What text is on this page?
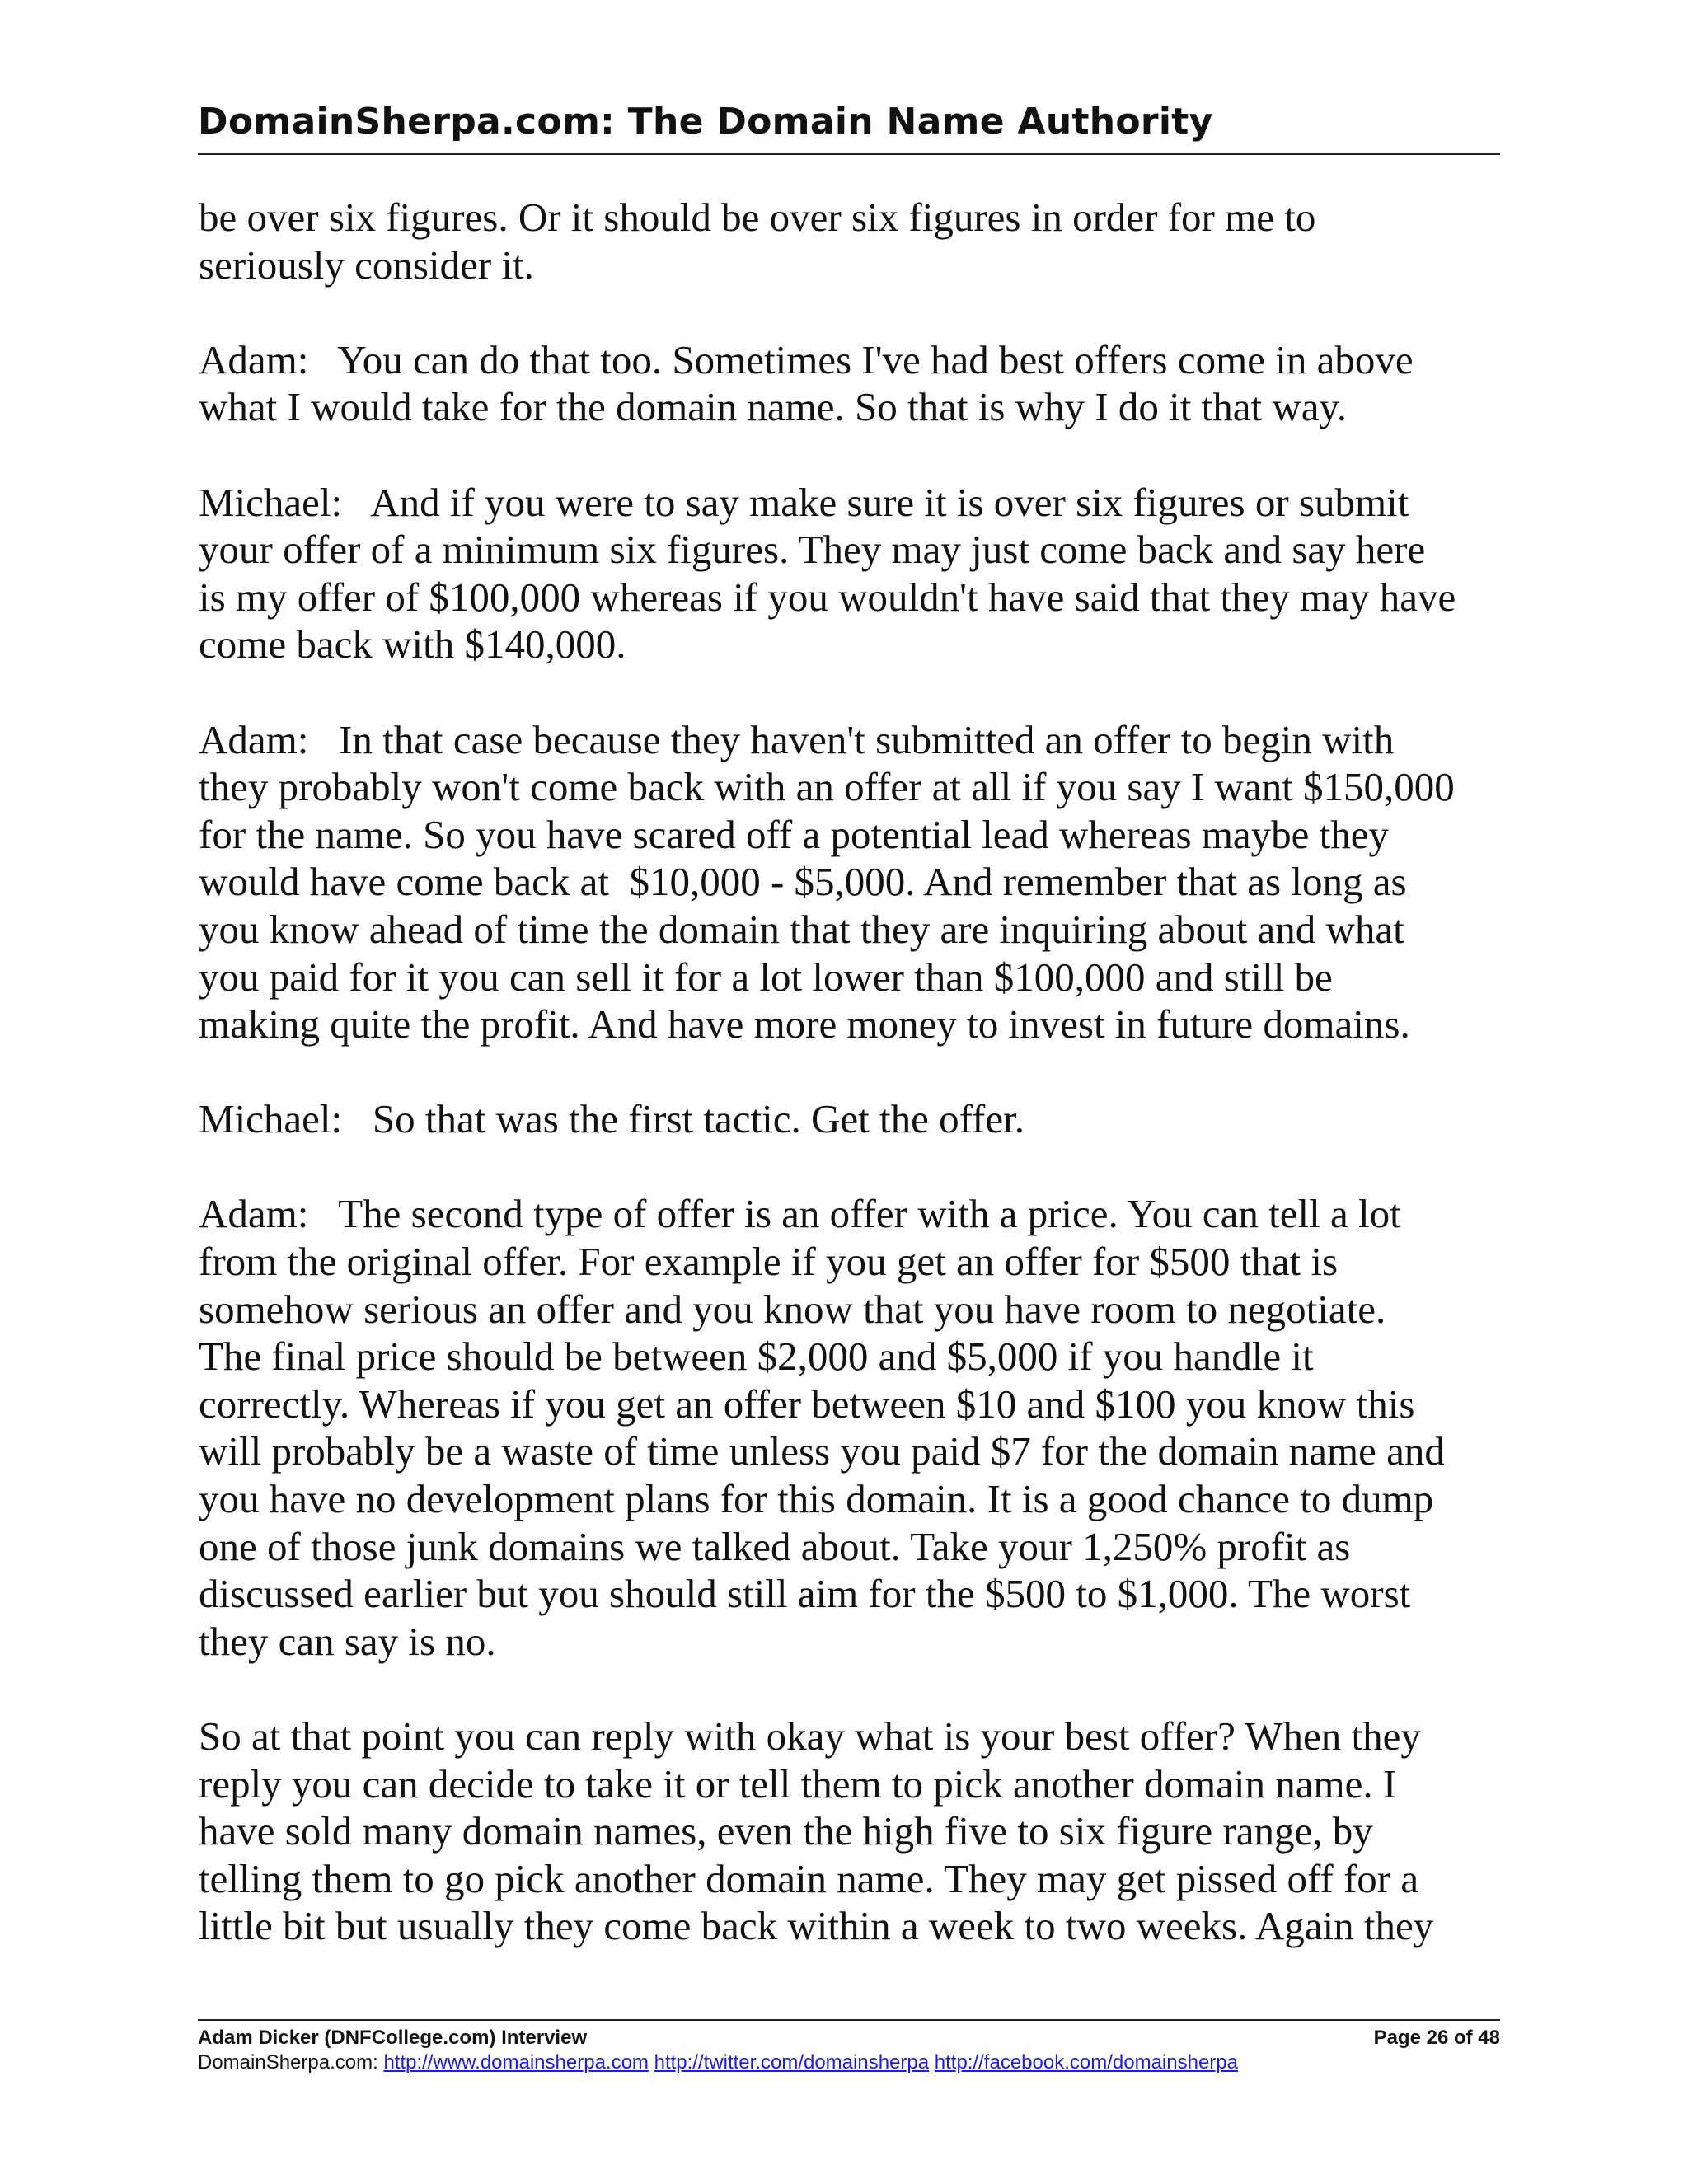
DomainSherpa.com: The Domain Name Authority
be over six figures. Or it should be over six figures in order for me to
seriously consider it.
Adam:   You can do that too. Sometimes I've had best offers come in above
what I would take for the domain name. So that is why I do it that way.
Michael:   And if you were to say make sure it is over six figures or submit
your offer of a minimum six figures. They may just come back and say here
is my offer of $100,000 whereas if you wouldn't have said that they may have
come back with $140,000.
Adam:   In that case because they haven't submitted an offer to begin with
they probably won't come back with an offer at all if you say I want $150,000
for the name. So you have scared off a potential lead whereas maybe they
would have come back at  $10,000 - $5,000. And remember that as long as
you know ahead of time the domain that they are inquiring about and what
you paid for it you can sell it for a lot lower than $100,000 and still be
making quite the profit. And have more money to invest in future domains.
Michael:   So that was the first tactic. Get the offer.
Adam:   The second type of offer is an offer with a price. You can tell a lot
from the original offer. For example if you get an offer for $500 that is
somehow serious an offer and you know that you have room to negotiate.
The final price should be between $2,000 and $5,000 if you handle it
correctly. Whereas if you get an offer between $10 and $100 you know this
will probably be a waste of time unless you paid $7 for the domain name and
you have no development plans for this domain. It is a good chance to dump
one of those junk domains we talked about. Take your 1,250% profit as
discussed earlier but you should still aim for the $500 to $1,000. The worst
they can say is no.
So at that point you can reply with okay what is your best offer? When they
reply you can decide to take it or tell them to pick another domain name. I
have sold many domain names, even the high five to six figure range, by
telling them to go pick another domain name. They may get pissed off for a
little bit but usually they come back within a week to two weeks. Again they
Adam Dicker (DNFCollege.com) Interview	Page 26 of 48
DomainSherpa.com: http://www.domainsherpa.com http://twitter.com/domainsherpa http://facebook.com/domainsherpa
